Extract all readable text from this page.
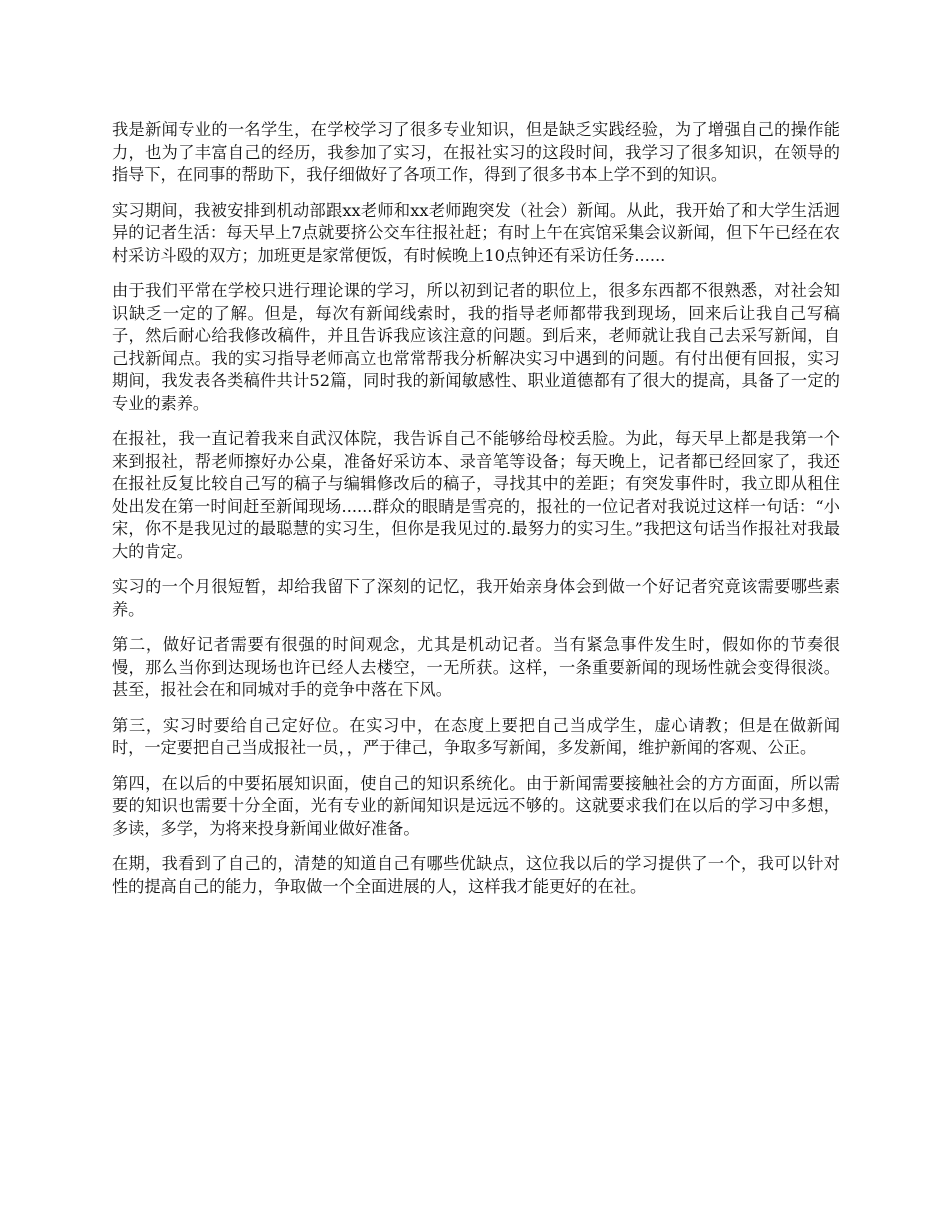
我是新闻专业的一名学生，在学校学习了很多专业知识，但是缺乏实践经验，为了增强自己的操作能力，也为了丰富自己的经历，我参加了实习，在报社实习的这段时间，我学习了很多知识，在领导的指导下，在同事的帮助下，我仔细做好了各项工作，得到了很多书本上学不到的知识。

实习期间，我被安排到机动部跟xx老师和xx老师跑突发（社会）新闻。从此，我开始了和大学生活迥异的记者生活：每天早上7点就要挤公交车往报社赶；有时上午在宾馆采集会议新闻，但下午已经在农村采访斗殴的双方；加班更是家常便饭，有时候晚上10点钟还有采访任务......

由于我们平常在学校只进行理论课的学习，所以初到记者的职位上，很多东西都不很熟悉，对社会知识缺乏一定的了解。但是，每次有新闻线索时，我的指导老师都带我到现场，回来后让我自己写稿子，然后耐心给我修改稿件，并且告诉我应该注意的问题。到后来，老师就让我自己去采写新闻，自己找新闻点。我的实习指导老师高立也常常帮我分析解决实习中遇到的问题。有付出便有回报，实习期间，我发表各类稿件共计52篇，同时我的新闻敏感性、职业道德都有了很大的提高，具备了一定的专业的素养。

在报社，我一直记着我来自武汉体院，我告诉自己不能够给母校丢脸。为此，每天早上都是我第一个来到报社，帮老师擦好办公桌，准备好采访本、录音笔等设备；每天晚上，记者都已经回家了，我还在报社反复比较自己写的稿子与编辑修改后的稿子，寻找其中的差距；有突发事件时，我立即从租住处出发在第一时间赶至新闻现场......群众的眼睛是雪亮的，报社的一位记者对我说过这样一句话：“小宋，你不是我见过的最聪慧的实习生，但你是我见过的.最努力的实习生。”我把这句话当作报社对我最大的肯定。

实习的一个月很短暂，却给我留下了深刻的记忆，我开始亲身体会到做一个好记者究竟该需要哪些素养。

第二，做好记者需要有很强的时间观念，尤其是机动记者。当有紧急事件发生时，假如你的节奏很慢，那么当你到达现场也许已经人去楼空，一无所获。这样，一条重要新闻的现场性就会变得很淡。甚至，报社会在和同城对手的竞争中落在下风。

第三，实习时要给自己定好位。在实习中，在态度上要把自己当成学生，虚心请教；但是在做新闻时，一定要把自己当成报社一员，，严于律己，争取多写新闻，多发新闻，维护新闻的客观、公正。

第四，在以后的中要拓展知识面，使自己的知识系统化。由于新闻需要接触社会的方方面面，所以需要的知识也需要十分全面，光有专业的新闻知识是远远不够的。这就要求我们在以后的学习中多想，多读，多学，为将来投身新闻业做好准备。

在期，我看到了自己的，清楚的知道自己有哪些优缺点，这位我以后的学习提供了一个，我可以针对性的提高自己的能力，争取做一个全面进展的人，这样我才能更好的在社。
